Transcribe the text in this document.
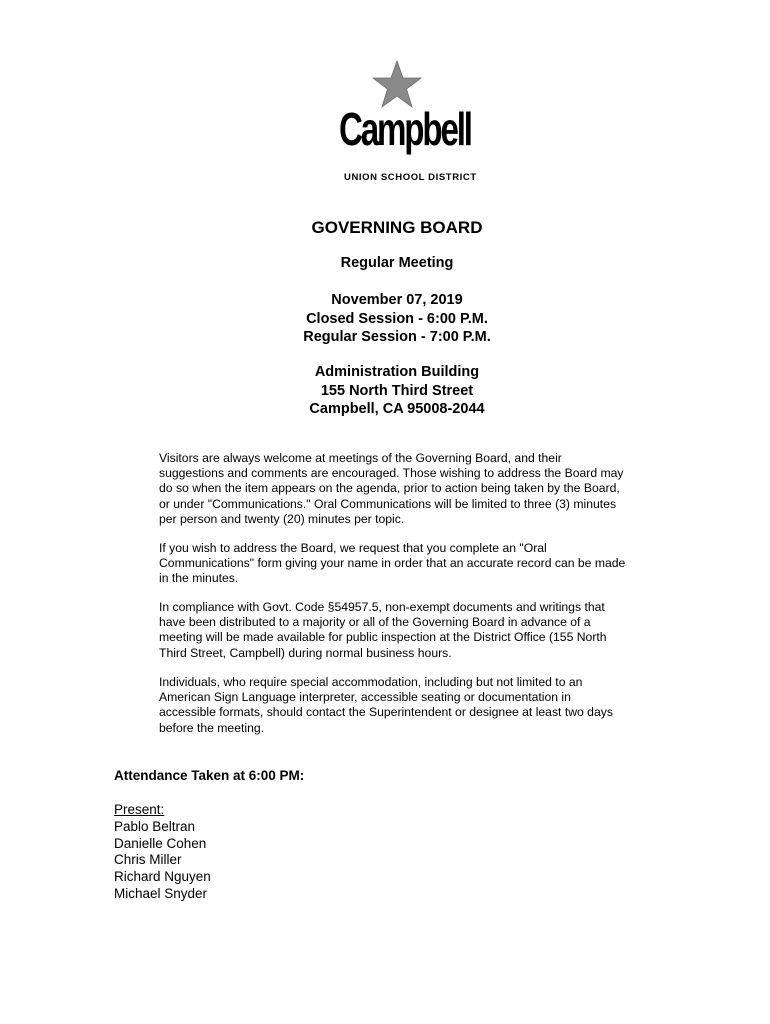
Campbell
UNION SCHOOL DISTRICT
GOVERNING BOARD
Regular Meeting
November 07, 2019
Closed Session - 6:00 P.M.
Regular Session - 7:00 P.M.
Administration Building
155 North Third Street
Campbell, CA 95008-2044

Visitors are always welcome at meetings of the Governing Board, and their suggestions and comments are encouraged. Those wishing to address the Board may do so when the item appears on the agenda, prior to action being taken by the Board, or under "Communications." Oral Communications will be limited to three (3) minutes per person and twenty (20) minutes per topic.

If you wish to address the Board, we request that you complete an "Oral Communications" form giving your name in order that an accurate record can be made in the minutes.

In compliance with Govt. Code §54957.5, non-exempt documents and writings that have been distributed to a majority or all of the Governing Board in advance of a meeting will be made available for public inspection at the District Office (155 North Third Street, Campbell) during normal business hours.

Individuals, who require special accommodation, including but not limited to an American Sign Language interpreter, accessible seating or documentation in accessible formats, should contact the Superintendent or designee at least two days before the meeting.

Attendance Taken at 6:00 PM:
Present:
Pablo Beltran
Danielle Cohen
Chris Miller
Richard Nguyen
Michael Snyder
